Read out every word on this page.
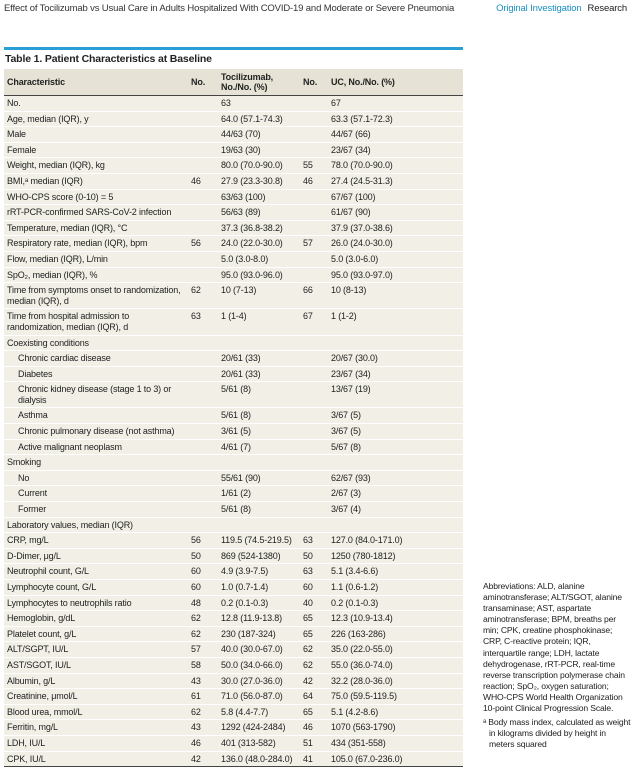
Effect of Tocilizumab vs Usual Care in Adults Hospitalized With COVID-19 and Moderate or Severe Pneumonia	Original Investigation Research
Table 1. Patient Characteristics at Baseline
Characteristic	No.	Tocilizumab, No./No. (%)	No.	UC, No./No. (%)
No.		63		67
Age, median (IQR), y		64.0 (57.1-74.3)		63.3 (57.1-72.3)
Male		44/63 (70)		44/67 (66)
Female		19/63 (30)		23/67 (34)
Weight, median (IQR), kg		80.0 (70.0-90.0)	55	78.0 (70.0-90.0)
BMI,ᵃ median (IQR)	46	27.9 (23.3-30.8)	46	27.4 (24.5-31.3)
WHO-CPS score (0-10) = 5		63/63 (100)		67/67 (100)
rRT-PCR-confirmed SARS-CoV-2 infection		56/63 (89)		61/67 (90)
Temperature, median (IQR), °C		37.3 (36.8-38.2)		37.9 (37.0-38.6)
Respiratory rate, median (IQR), bpm	56	24.0 (22.0-30.0)	57	26.0 (24.0-30.0)
Flow, median (IQR), L/min		5.0 (3.0-8.0)		5.0 (3.0-6.0)
SpO₂, median (IQR), %		95.0 (93.0-96.0)		95.0 (93.0-97.0)
Time from symptoms onset to randomization, median (IQR), d	62	10 (7-13)	66	10 (8-13)
Time from hospital admission to randomization, median (IQR), d	63	1 (1-4)	67	1 (1-2)
Coexisting conditions				
Chronic cardiac disease		20/61 (33)		20/67 (30.0)
Diabetes		20/61 (33)		23/67 (34)
Chronic kidney disease (stage 1 to 3) or dialysis		5/61 (8)		13/67 (19)
Asthma		5/61 (8)		3/67 (5)
Chronic pulmonary disease (not asthma)		3/61 (5)		3/67 (5)
Active malignant neoplasm		4/61 (7)		5/67 (8)
Smoking				
No		55/61 (90)		62/67 (93)
Current		1/61 (2)		2/67 (3)
Former		5/61 (8)		3/67 (4)
Laboratory values, median (IQR)				
CRP, mg/L	56	119.5 (74.5-219.5)	63	127.0 (84.0-171.0)
D-Dimer, μg/L	50	869 (524-1380)	50	1250 (780-1812)
Neutrophil count, G/L	60	4.9 (3.9-7.5)	63	5.1 (3.4-6.6)
Lymphocyte count, G/L	60	1.0 (0.7-1.4)	60	1.1 (0.6-1.2)
Lymphocytes to neutrophils ratio	48	0.2 (0.1-0.3)	40	0.2 (0.1-0.3)
Hemoglobin, g/dL	62	12.8 (11.9-13.8)	65	12.3 (10.9-13.4)
Platelet count, g/L	62	230 (187-324)	65	226 (163-286)
ALT/SGPT, IU/L	57	40.0 (30.0-67.0)	62	35.0 (22.0-55.0)
AST/SGOT, IU/L	58	50.0 (34.0-66.0)	62	55.0 (36.0-74.0)
Albumin, g/L	43	30.0 (27.0-36.0)	42	32.2 (28.0-36.0)
Creatinine, μmol/L	61	71.0 (56.0-87.0)	64	75.0 (59.5-119.5)
Blood urea, mmol/L	62	5.8 (4.4-7.7)	65	5.1 (4.2-8.6)
Ferritin, mg/L	43	1292 (424-2484)	46	1070 (563-1790)
LDH, IU/L	46	401 (313-582)	51	434 (351-558)
CPK, IU/L	42	136.0 (48.0-284.0)	41	105.0 (67.0-236.0)
Abbreviations: ALD, alanine aminotransferase; ALT/SGOT, alanine transaminase; AST, aspartate aminotransferase; BPM, breaths per min; CPK, creatine phosphokinase; CRP, C-reactive protein; IQR, interquartile range; LDH, lactate dehydrogenase, rRT-PCR, real-time reverse transcription polymerase chain reaction; SpO₂, oxygen saturation; WHO-CPS World Health Organization 10-point Clinical Progression Scale.
ᵃ Body mass index, calculated as weight in kilograms divided by height in meters squared
